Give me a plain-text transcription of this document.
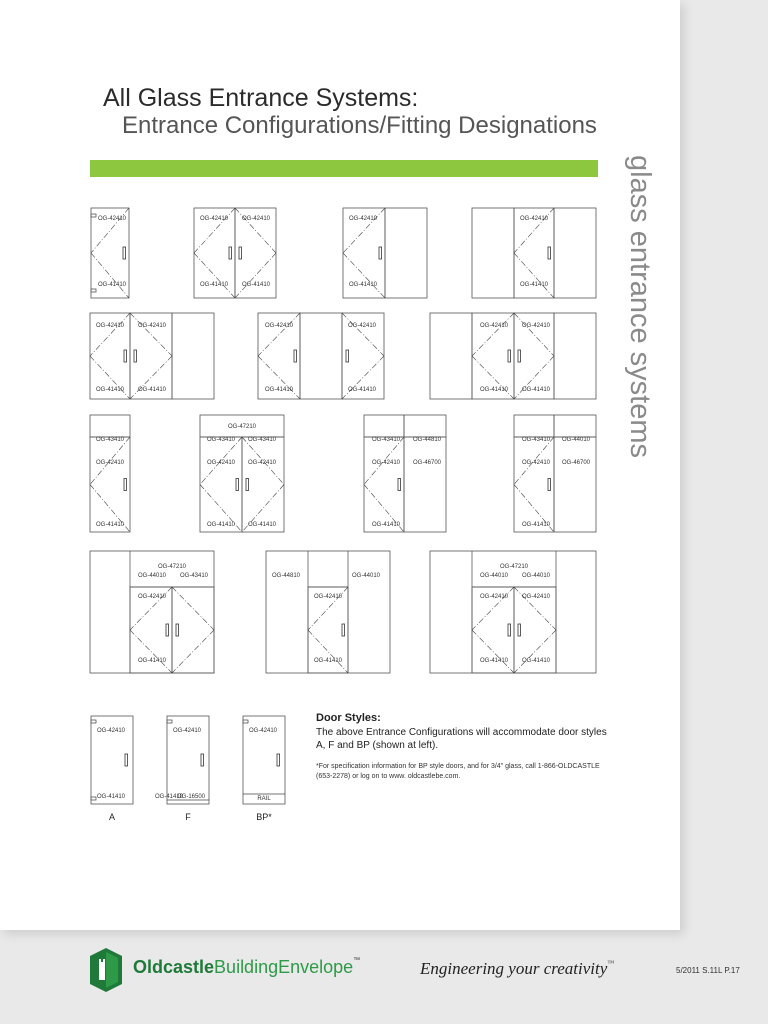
All Glass Entrance Systems:
Entrance Configurations/Fitting Designations
glass entrance systems
OG-42410
OG-41410
OG-42410 OG-42410
OG-41410 OG-41410
OG-42410
OG-41410
OG-42410
OG-41410
OG-42410 OG-42410
OG-41410 OG-41410
OG-42410	OG-42410
OG-41410	OG-41410
OG-42410 OG-42410
OG-41410 OG-41410
OG-43410
OG-42410
OG-41410
OG-47210
OG-43410 OG-43410
OG-42410 OG-42410
OG-41410 OG-41410
OG-43410 OG-44810
OG-42410 OG-46700
OG-41410
OG-43410 OG-44010
OG-42410 OG-46700
OG-41410
OG-47210
OG-44010 OG-43410
OG-42410
OG-41410
OG-44810	OG-44010
OG-42410
OG-41410
OG-47210
OG-44010 OG-44010
OG-42410 OG-42410
OG-41410 OG-41410
OG-42410
OG-41410
A
OG-42410
OG-41410
OG-16500
F
OG-42410
RAIL
BP*

Door Styles:

The above Entrance Configurations will accommodate door styles A, F and BP (shown at left).

*For specification information for BP style doors, and for 3/4" glass, call 1-866-OLDCASTLE (653-2278) or log on to www. oldcastlebe.com.

OldcastleBuildingEnvelope™	Engineering your creativity™
5/2011 S.11L P.17
